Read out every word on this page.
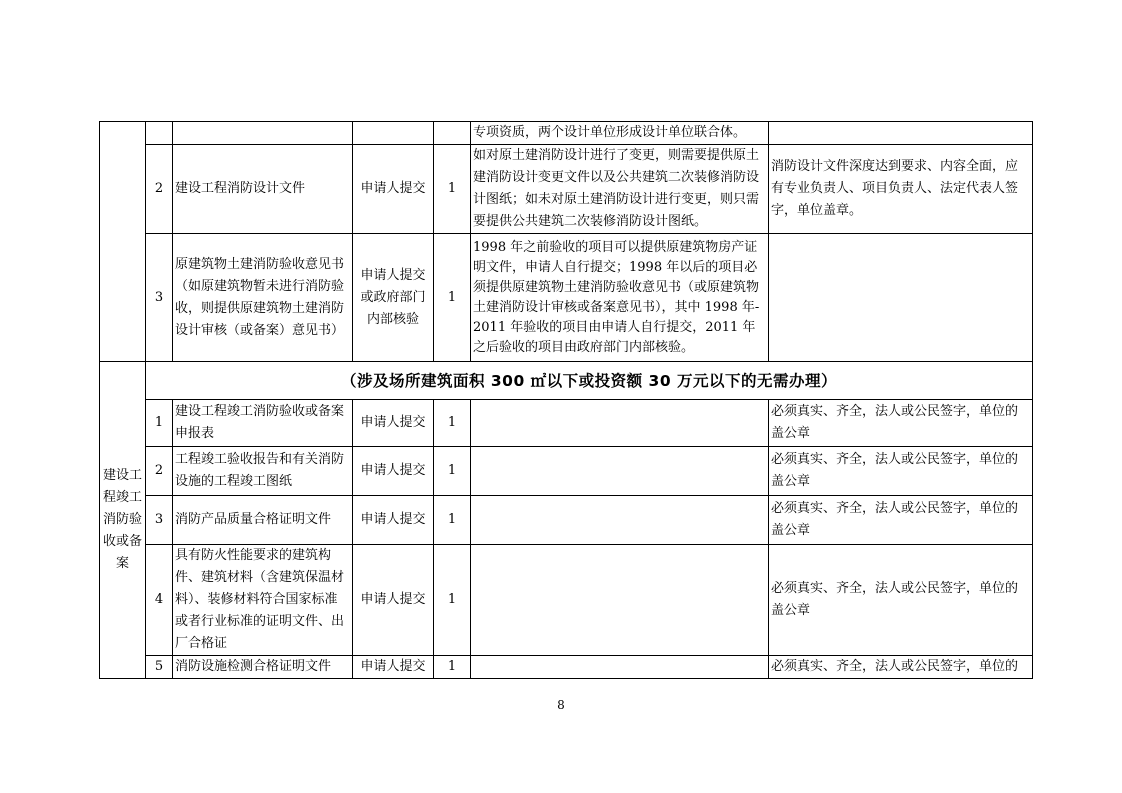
					专项资质，两个设计单位形成设计单位联合体。	
	2	建设工程消防设计文件	申请人提交	1	如对原土建消防设计进行了变更，则需要提供原土建消防设计变更文件以及公共建筑二次装修消防设计图纸；如未对原土建消防设计进行变更，则只需要提供公共建筑二次装修消防设计图纸。	消防设计文件深度达到要求、内容全面，应有专业负责人、项目负责人、法定代表人签字，单位盖章。
	3	原建筑物土建消防验收意见书（如原建筑物暂未进行消防验收，则提供原建筑物土建消防设计审核（或备案）意见书）	申请人提交或政府部门内部核验	1	1998 年之前验收的项目可以提供原建筑物房产证明文件，申请人自行提交；1998 年以后的项目必须提供原建筑物土建消防验收意见书（或原建筑物土建消防设计审核或备案意见书），其中 1998 年-2011 年验收的项目由申请人自行提交，2011 年之后验收的项目由政府部门内部核验。	
建设工程竣工消防验收或备案	（涉及场所建筑面积 300 ㎡以下或投资额 30 万元以下的无需办理）					
	1	建设工程竣工消防验收或备案申报表	申请人提交	1		必须真实、齐全，法人或公民签字，单位的盖公章
	2	工程竣工验收报告和有关消防设施的工程竣工图纸	申请人提交	1		必须真实、齐全，法人或公民签字，单位的盖公章
	3	消防产品质量合格证明文件	申请人提交	1		必须真实、齐全，法人或公民签字，单位的盖公章
	4	具有防火性能要求的建筑构件、建筑材料（含建筑保温材料）、装修材料符合国家标准或者行业标准的证明文件、出厂合格证	申请人提交	1		必须真实、齐全，法人或公民签字，单位的盖公章
	5	消防设施检测合格证明文件	申请人提交	1		必须真实、齐全，法人或公民签字，单位的
8
